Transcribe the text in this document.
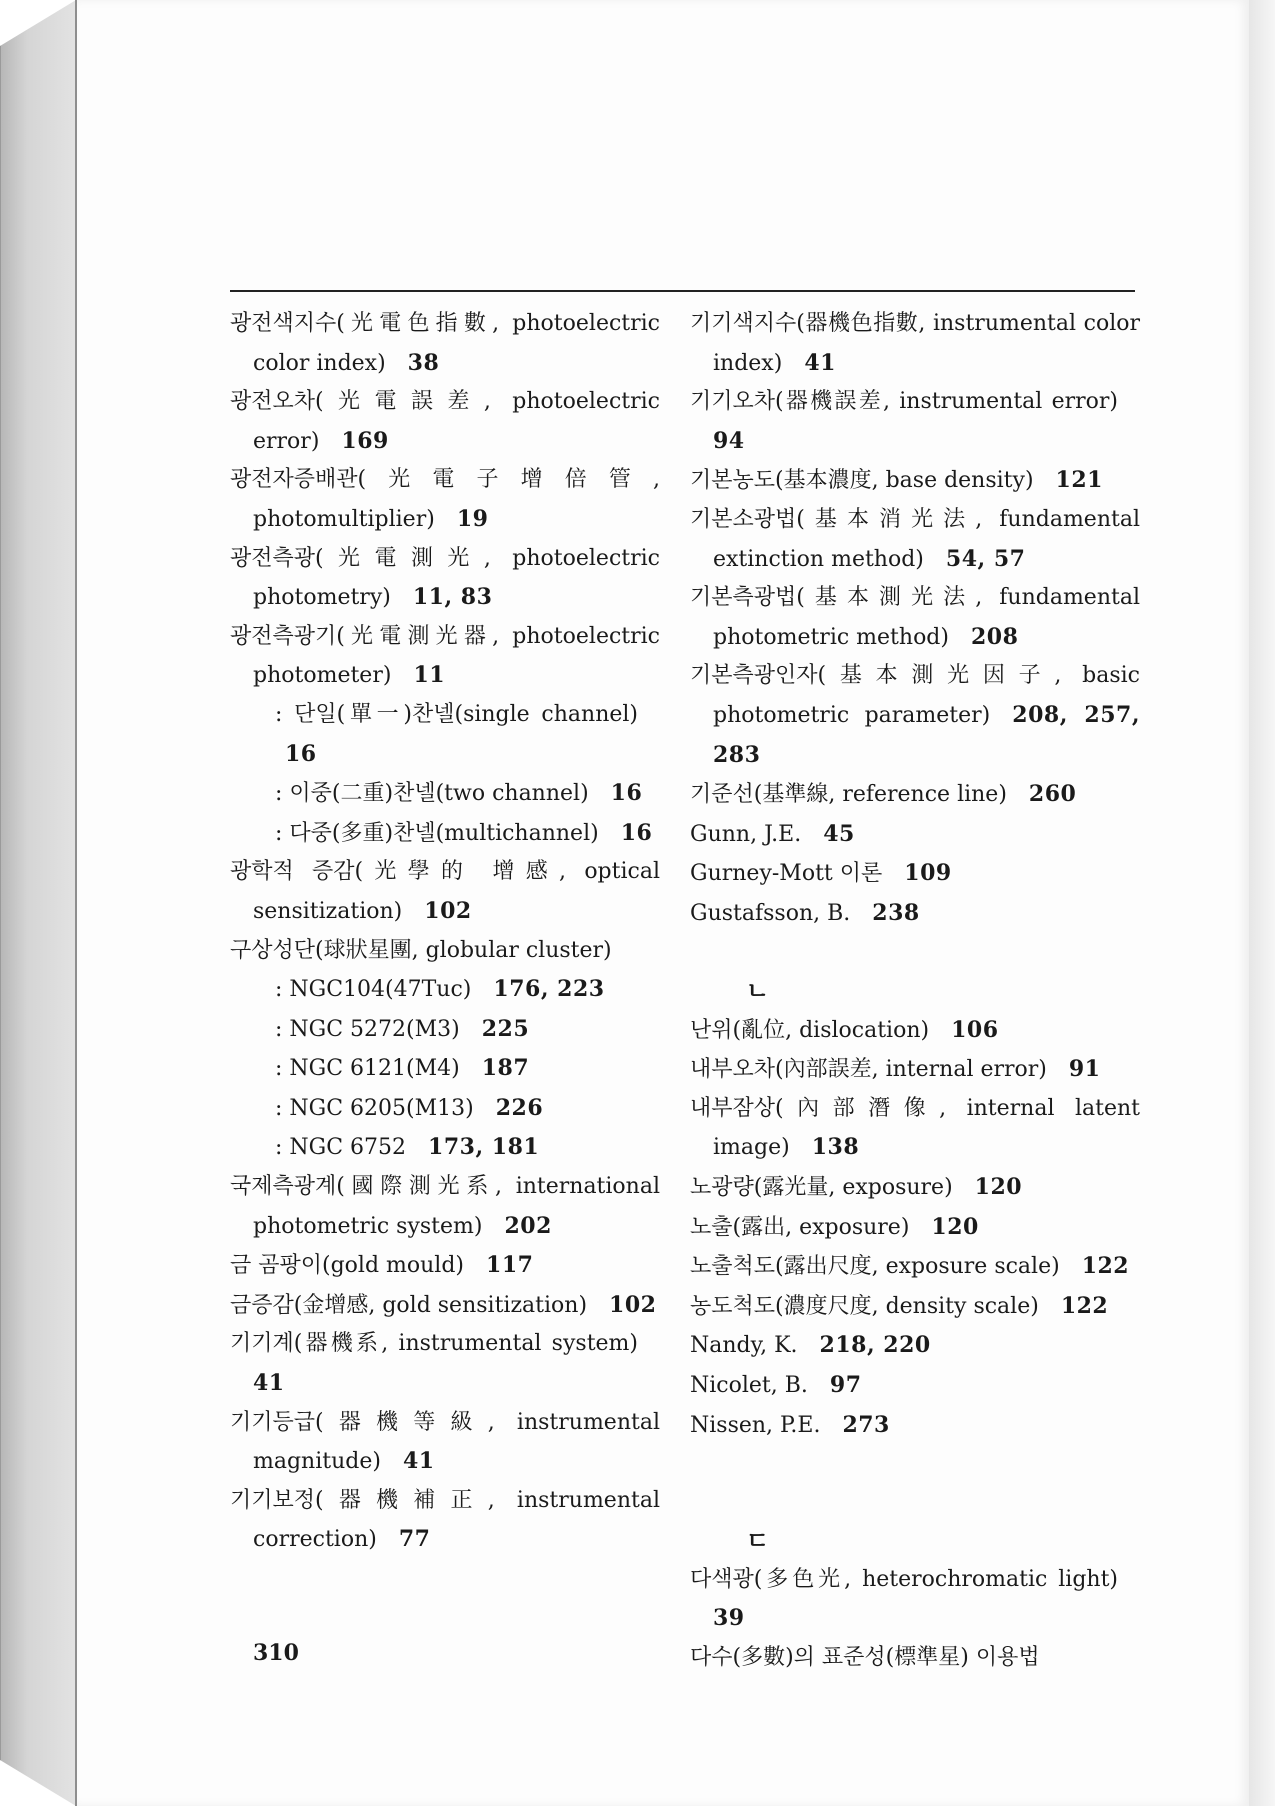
광전색지수(光電色指數, photoelectric color index)  38
광전오차(光電誤差, photoelectric error)  169
광전자증배관(光電子增倍管, photomultiplier)  19
광전측광(光電測光, photoelectric photometry)  11, 83
광전측광기(光電測光器, photoelectric photometer)  11
: 단일(單一)찬넬(single channel) 16
: 이중(二重)찬넬(two channel)  16
: 다중(多重)찬넬(multichannel)  16
광학적 증감(光學的 增感, optical sensitization)  102
구상성단(球狀星團, globular cluster)
: NGC104(47Tuc)  176, 223
: NGC 5272(M3)  225
: NGC 6121(M4)  187
: NGC 6205(M13)  226
: NGC 6752  173, 181
국제측광계(國際測光系, international photometric system)  202
금 곰팡이(gold mould)  117
금증감(金增感, gold sensitization)  102
기기계(器機系, instrumental system) 41
기기등급(器機等級, instrumental magnitude)  41
기기보정(器機補正, instrumental correction)  77
기기색지수(器機色指數, instrumental color index)  41
기기오차(器機誤差, instrumental error) 94
기본농도(基本濃度, base density)  121
기본소광법(基本消光法, fundamental extinction method)  54, 57
기본측광법(基本測光法, fundamental photometric method)  208
기본측광인자(基本測光因子, basic photometric parameter)  208, 257, 283
기준선(基準線, reference line)  260
Gunn, J.E.  45
Gurney-Mott 이론  109
Gustafsson, B.  238
ㄴ
난위(亂位, dislocation)  106
내부오차(內部誤差, internal error)  91
내부잠상(內部潛像, internal latent image)  138
노광량(露光量, exposure)  120
노출(露出, exposure)  120
노출척도(露出尺度, exposure scale)  122
농도척도(濃度尺度, density scale)  122
Nandy, K.  218, 220
Nicolet, B.  97
Nissen, P.E.  273
ㄷ
다색광(多色光, heterochromatic light) 39
다수(多數)의 표준성(標準星) 이용법
310
